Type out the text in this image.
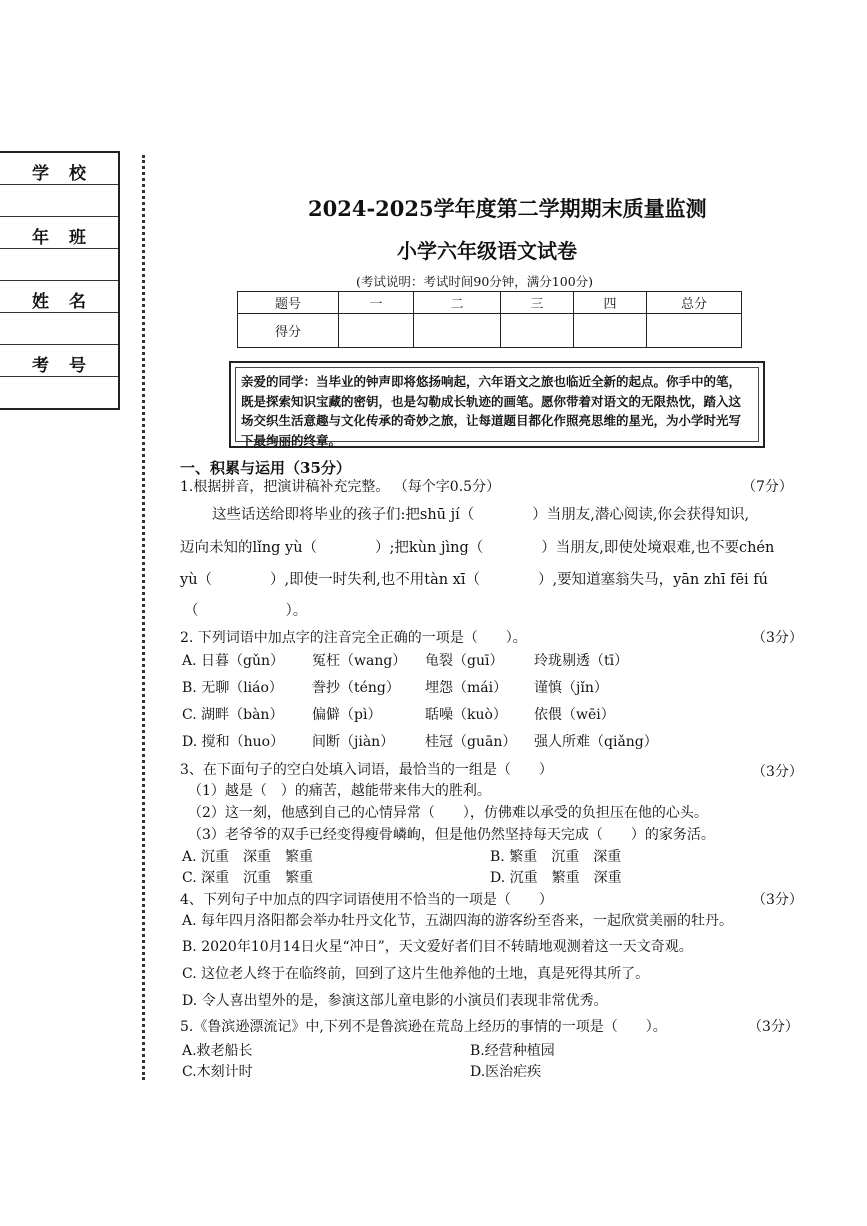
学校
年班
姓名
考号
2024-2025学年度第二学期期末质量监测
小学六年级语文试卷
(考试说明：考试时间90分钟，满分100分)
题号	一	二	三	四	总分
得分					
亲爱的同学：当毕业的钟声即将悠扬响起，六年语文之旅也临近全新的起点。你手中的笔，既是探索知识宝藏的密钥，也是勾勒成长轨迹的画笔。愿你带着对语文的无限热忱，踏入这场交织生活意趣与文化传承的奇妙之旅，让每道题目都化作照亮思维的星光，为小学时光写下最绚丽的终章。
一、积累与运用（35分）
1.根据拼音，把演讲稿补充完整。 （每个字0.5分）	（7分）
这些话送给即将毕业的孩子们:把shū jí（　　　　）当朋友,潜心阅读,你会获得知识,
迈向未知的lǐng yù（　　　　）;把kùn jìng（　　　　）当朋友,即使处境艰难,也不要chén
yù（　　　　）,即使一时失利,也不用tàn xī（　　　　）,要知道塞翁失马，yān zhī fēi fú
（　　　　　　）。
2. 下列词语中加点字的注音完全正确的一项是（　　）。	（3分）
A. 日暮（gǔn） 冤枉（wang） 龟裂（guī） 玲珑剔透（tī）
B. 无聊（liáo） 誊抄（téng） 埋怨（mái） 谨慎（jǐn）
C. 湖畔（bàn） 偏僻（pì）	聒噪（kuò） 依偎（wēi）
D. 搅和（huo） 间断（jiàn） 桂冠（guān） 强人所难（qiǎng）
3、在下面句子的空白处填入词语，最恰当的一组是（　　）	（3分）
（1）越是（　）的痛苦，越能带来伟大的胜利。
（2）这一刻，他感到自己的心情异常（　　），仿佛难以承受的负担压在他的心头。
（3）老爷爷的双手已经变得瘦骨嶙峋，但是他仍然坚持每天完成（　　）的家务活。
A. 沉重　深重　繁重	B. 繁重　沉重　深重
C. 深重　沉重　繁重	D. 沉重　繁重　深重
4、下列句子中加点的四字词语使用不恰当的一项是（　　）	（3分）
A. 每年四月洛阳都会举办牡丹文化节，五湖四海的游客纷至沓来，一起欣赏美丽的牡丹。
B. 2020年10月14日火星“冲日”，天文爱好者们目不转睛地观测着这一天文奇观。
C. 这位老人终于在临终前，回到了这片生他养他的土地，真是死得其所了。
D. 令人喜出望外的是，参演这部儿童电影的小演员们表现非常优秀。
5.《鲁滨逊漂流记》中,下列不是鲁滨逊在荒岛上经历的事情的一项是（　　）。	（3分）
A.救老船长	B.经营种植园
C.木刻计时	D.医治疟疾
